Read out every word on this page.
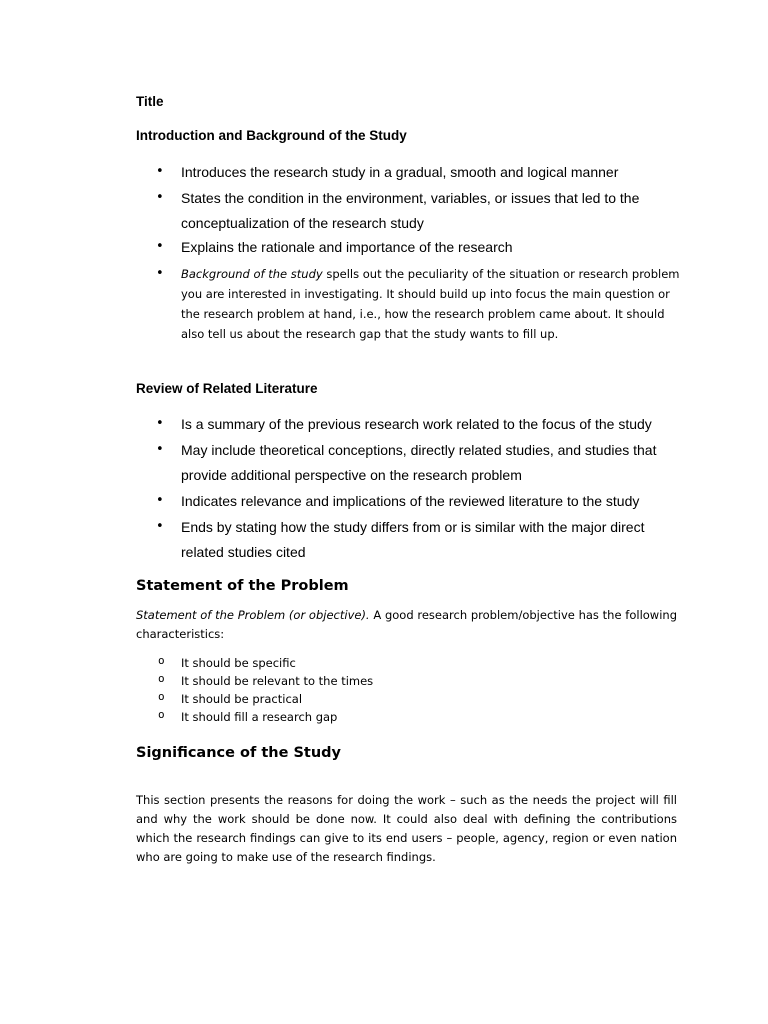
Title
Introduction and Background of the Study
• Introduces the research study in a gradual, smooth and logical manner
• States the condition in the environment, variables, or issues that led to the conceptualization of the research study
• Explains the rationale and importance of the research
• Background of the study spells out the peculiarity of the situation or research problem you are interested in investigating. It should build up into focus the main question or the research problem at hand, i.e., how the research problem came about. It should also tell us about the research gap that the study wants to fill up.
Review of Related Literature
• Is a summary of the previous research work related to the focus of the study
• May include theoretical conceptions, directly related studies, and studies that provide additional perspective on the research problem
• Indicates relevance and implications of the reviewed literature to the study
• Ends by stating how the study differs from or is similar with the major direct related studies cited
Statement of the Problem

Statement of the Problem (or objective). A good research problem/objective has the following characteristics:

o It should be specific
o It should be relevant to the times
o It should be practical
o It should fill a research gap
Significance of the Study

This section presents the reasons for doing the work – such as the needs the project will fill and why the work should be done now. It could also deal with defining the contributions which the research findings can give to its end users – people, agency, region or even nation who are going to make use of the research findings.
